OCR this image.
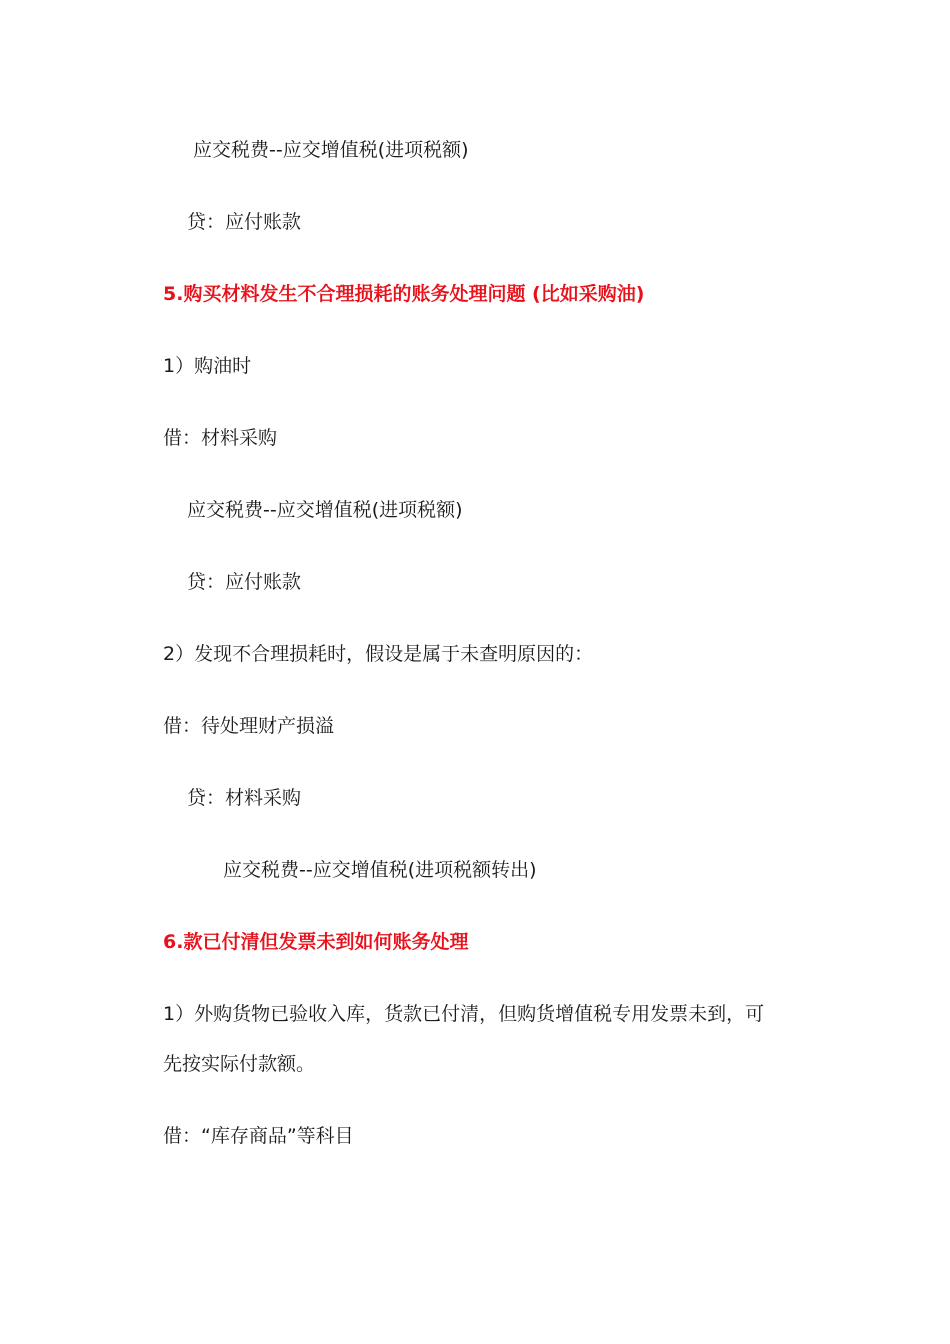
应交税费--应交增值税(进项税额)
贷：应付账款
5.购买材料发生不合理损耗的账务处理问题 (比如采购油)
1）购油时
借：材料采购
应交税费--应交增值税(进项税额)
贷：应付账款
2）发现不合理损耗时，假设是属于未查明原因的：
借：待处理财产损溢
贷：材料采购
应交税费--应交增值税(进项税额转出)
6.款已付清但发票未到如何账务处理
1）外购货物已验收入库，货款已付清，但购货增值税专用发票未到，可
先按实际付款额。
借：“库存商品”等科目
